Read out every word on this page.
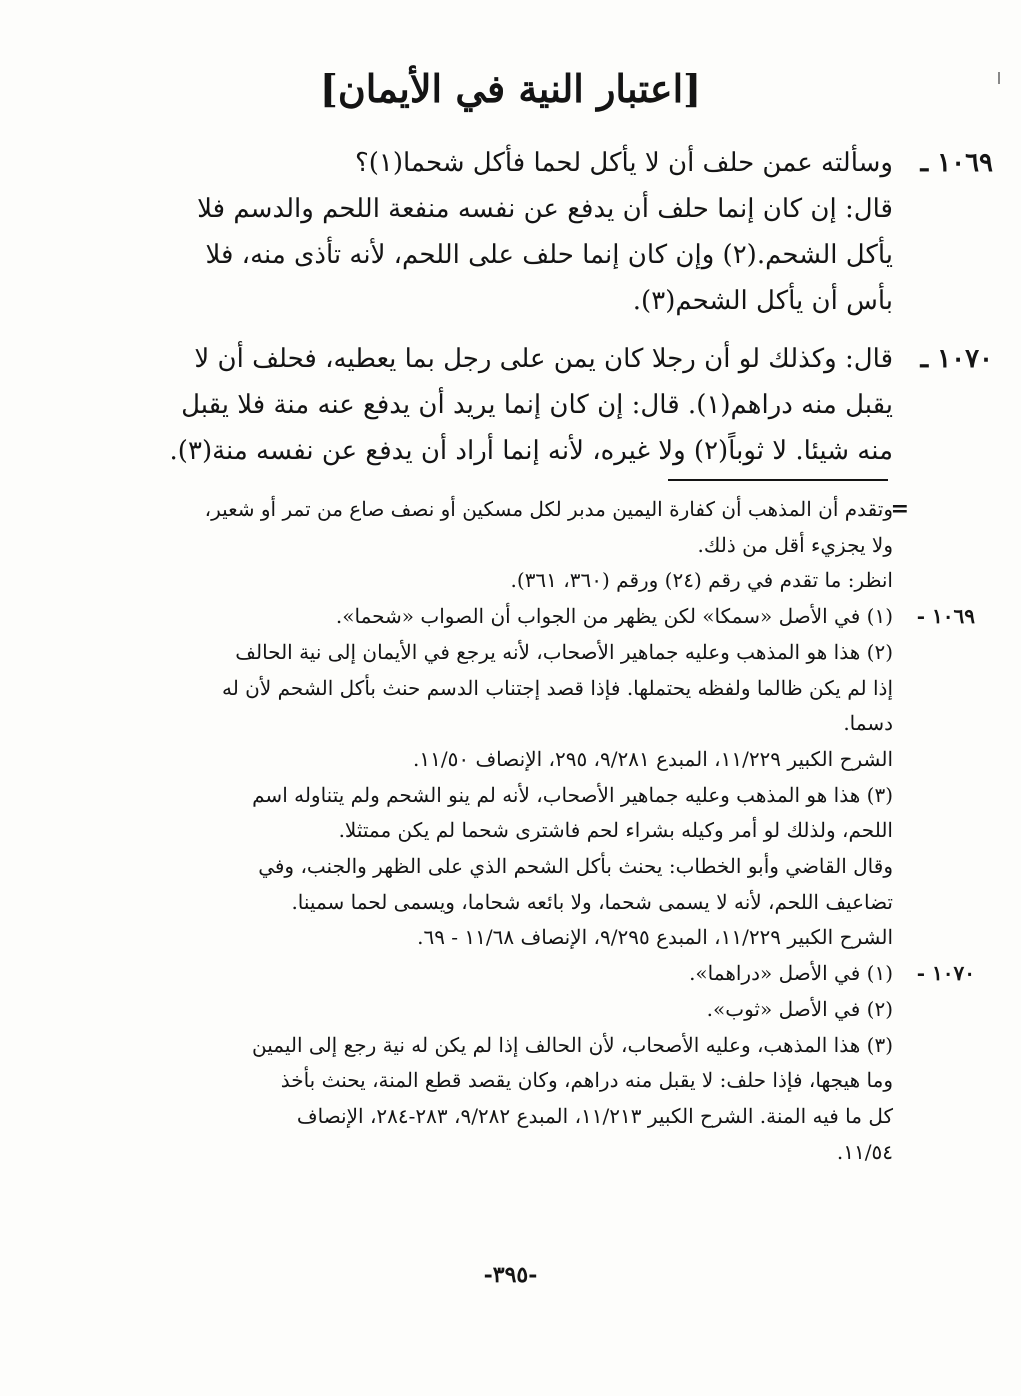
[اعتبار النية في الأيمان]
١٠٦٩ ـ
وسألته عمن حلف أن لا يأكل لحما فأكل شحما(١)؟
قال: إن كان إنما حلف أن يدفع عن نفسه منفعة اللحم والدسم فلا
يأكل الشحم.(٢) وإن كان إنما حلف على اللحم، لأنه تأذى منه، فلا
بأس أن يأكل الشحم(٣).
١٠٧٠ ـ
قال: وكذلك لو أن رجلا كان يمن على رجل بما يعطيه، فحلف أن لا
يقبل منه دراهم(١). قال: إن كان إنما يريد أن يدفع عنه منة فلا يقبل
منه شيئا. لا ثوباً(٢) ولا غيره، لأنه إنما أراد أن يدفع عن نفسه منة(٣).
=
وتقدم أن المذهب أن كفارة اليمين مدبر لكل مسكين أو نصف صاع من تمر أو شعير،
ولا يجزيء أقل من ذلك.
انظر: ما تقدم في رقم (٢٤) ورقم (٣٦٠، ٣٦١).
١٠٦٩ -
(١) في الأصل «سمكا» لكن يظهر من الجواب أن الصواب «شحما».
(٢) هذا هو المذهب وعليه جماهير الأصحاب، لأنه يرجع في الأيمان إلى نية الحالف
إذا لم يكن ظالما ولفظه يحتملها. فإذا قصد إجتناب الدسم حنث بأكل الشحم لأن له
دسما.
الشرح الكبير ١١/٢٢٩، المبدع ٩/٢٨١، ٢٩٥، الإنصاف ١١/٥٠.
(٣) هذا هو المذهب وعليه جماهير الأصحاب، لأنه لم ينو الشحم ولم يتناوله اسم
اللحم، ولذلك لو أمر وكيله بشراء لحم فاشترى شحما لم يكن ممتثلا.
وقال القاضي وأبو الخطاب: يحنث بأكل الشحم الذي على الظهر والجنب، وفي
تضاعيف اللحم، لأنه لا يسمى شحما، ولا بائعه شحاما، ويسمى لحما سمينا.
الشرح الكبير ١١/٢٢٩، المبدع ٩/٢٩٥، الإنصاف ١١/٦٨ - ٦٩.
١٠٧٠ -
(١) في الأصل «دراهما».
(٢) في الأصل «ثوب».
(٣) هذا المذهب، وعليه الأصحاب، لأن الحالف إذا لم يكن له نية رجع إلى اليمين
وما هيجها، فإذا حلف: لا يقبل منه دراهم، وكان يقصد قطع المنة، يحنث بأخذ
كل ما فيه المنة. الشرح الكبير ١١/٢١٣، المبدع ٩/٢٨٢، ٢٨٣-٢٨٤، الإنصاف
١١/٥٤.
-٣٩٥-
